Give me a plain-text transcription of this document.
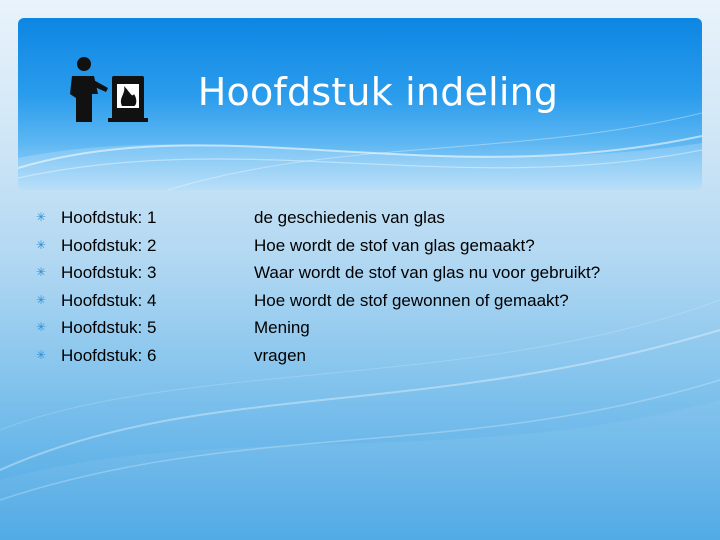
Hoofdstuk indeling
✳ Hoofdstuk: 1
✳ Hoofdstuk: 2
✳ Hoofdstuk: 3
✳ Hoofdstuk: 4
✳ Hoofdstuk: 5
✳ Hoofdstuk: 6
de geschiedenis van glas
Hoe wordt de stof van glas gemaakt?
Waar wordt de stof van glas nu voor gebruikt?
Hoe wordt de stof gewonnen of gemaakt?
Mening
vragen
